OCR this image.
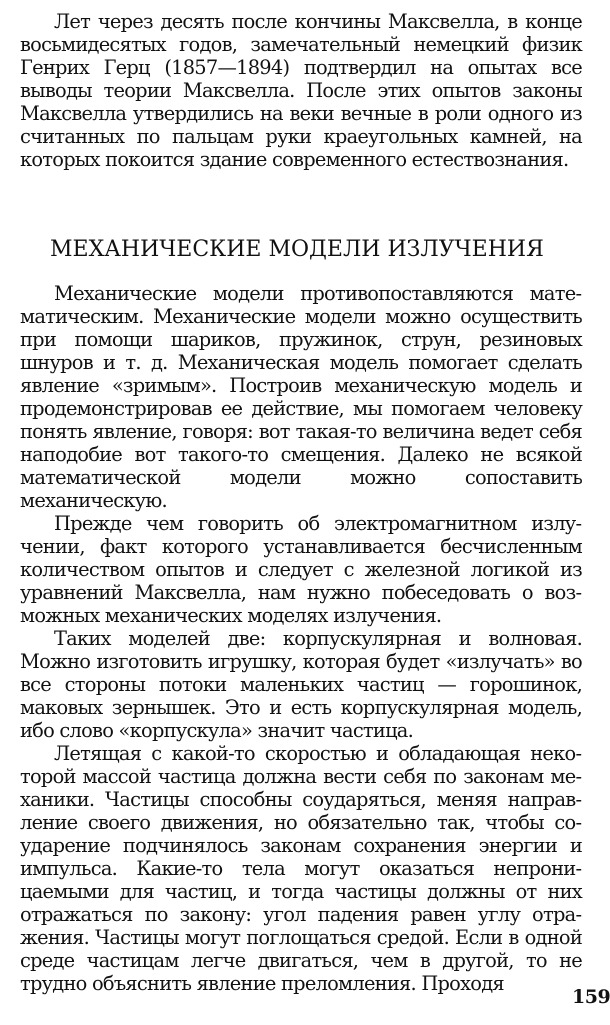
Лет через десять после кончины Максвелла, в конце восьмидесятых годов, замечательный немецкий физик Генрих Герц (1857—1894) подтвердил на опытах все выводы теории Максвелла. После этих опытов законы Максвелла утвердились на веки вечные в роли одного из считанных по пальцам руки краеугольных камней, на которых покоится здание современного естествознания.

МЕХАНИЧЕСКИЕ МОДЕЛИ ИЗЛУЧЕНИЯ

Механические модели противопоставляются математическим. Механические модели можно осуществить при помощи шариков, пружинок, струн, резиновых шнуров и т. д. Механическая модель помогает сделать явление «зримым». Построив механическую модель и продемонстрировав ее действие, мы помогаем человеку понять явление, говоря: вот такая-то величина ведет себя наподобие вот такого-то смещения. Далеко не всякой математической модели можно сопоставить механическую.

Прежде чем говорить об электромагнитном излучении, факт которого устанавливается бесчисленным количеством опытов и следует с железной логикой из уравнений Максвелла, нам нужно побеседовать о возможных механических моделях излучения.

Таких моделей две: корпускулярная и волновая. Можно изготовить игрушку, которая будет «излучать» во все стороны потоки маленьких частиц — горошинок, маковых зернышек. Это и есть корпускулярная модель, ибо слово «корпускула» значит частица.

Летящая с какой-то скоростью и обладающая некоторой массой частица должна вести себя по законам механики. Частицы способны соударяться, меняя направление своего движения, но обязательно так, чтобы соударение подчинялось законам сохранения энергии и импульса. Какие-то тела могут оказаться непроницаемыми для частиц, и тогда частицы должны от них отражаться по закону: угол падения равен углу отражения. Частицы могут поглощаться средой. Если в одной среде частицам легче двигаться, чем в другой, то не трудно объяснить явление преломления. Проходя

159
